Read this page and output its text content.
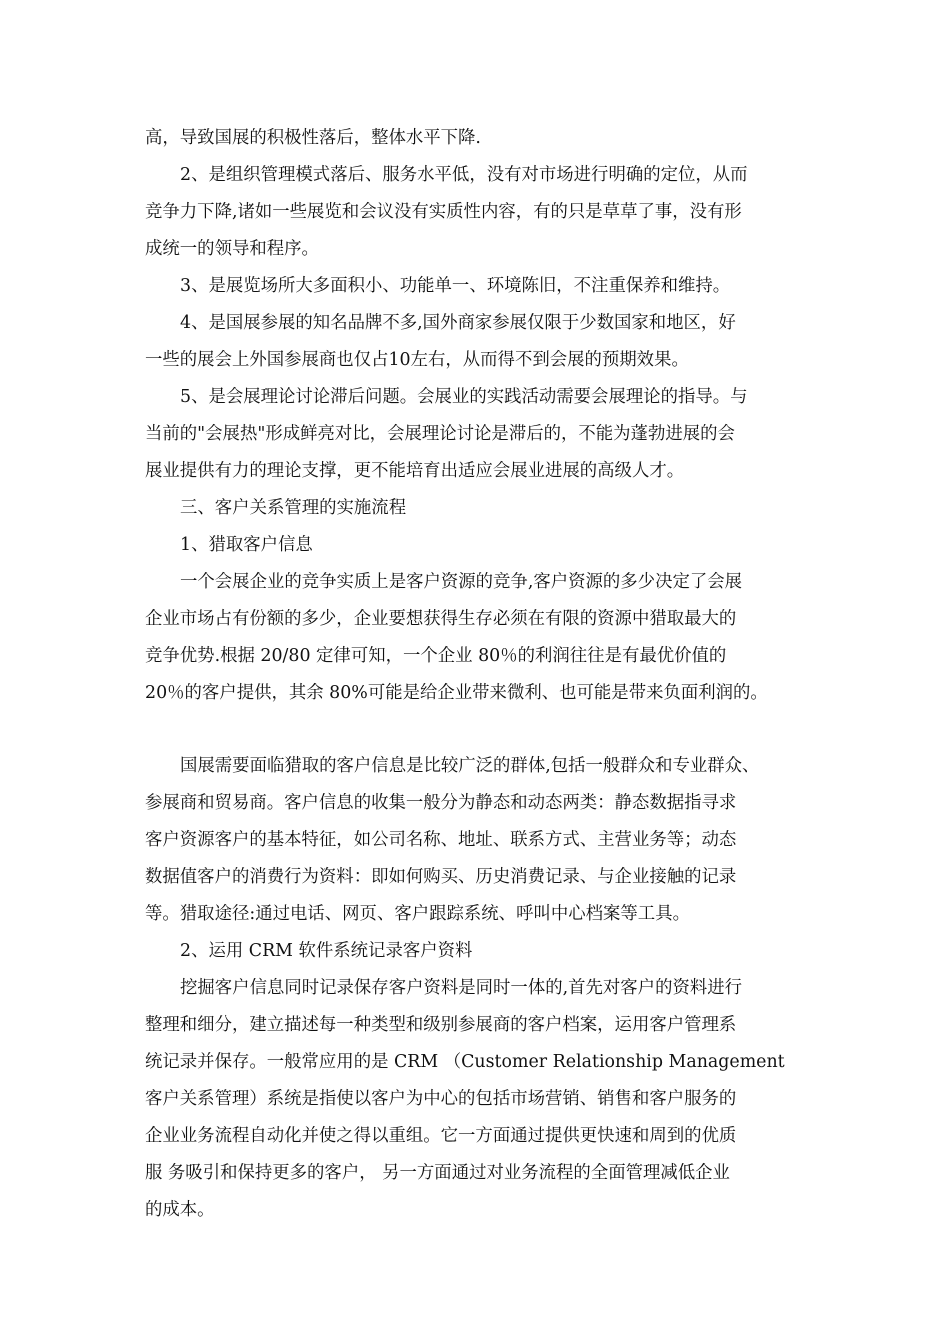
高，导致国展的积极性落后，整体水平下降.
2、是组织管理模式落后、服务水平低，没有对市场进行明确的定位，从而
竞争力下降,诸如一些展览和会议没有实质性内容，有的只是草草了事，没有形
成统一的领导和程序。
3、是展览场所大多面积小、功能单一、环境陈旧，不注重保养和维持。
4、是国展参展的知名品牌不多,国外商家参展仅限于少数国家和地区，好
一些的展会上外国参展商也仅占10左右，从而得不到会展的预期效果。
5、是会展理论讨论滞后问题。会展业的实践活动需要会展理论的指导。与
当前的"会展热"形成鲜亮对比，会展理论讨论是滞后的，不能为蓬勃进展的会
展业提供有力的理论支撑，更不能培育出适应会展业进展的高级人才。
三、客户关系管理的实施流程
1、猎取客户信息
一个会展企业的竞争实质上是客户资源的竞争,客户资源的多少决定了会展
企业市场占有份额的多少，企业要想获得生存必须在有限的资源中猎取最大的
竞争优势.根据 20/80 定律可知，一个企业 80％的利润往往是有最优价值的
20％的客户提供，其余 80%可能是给企业带来微利、也可能是带来负面利润的。
国展需要面临猎取的客户信息是比较广泛的群体,包括一般群众和专业群众、
参展商和贸易商。客户信息的收集一般分为静态和动态两类：静态数据指寻求
客户资源客户的基本特征，如公司名称、地址、联系方式、主营业务等；动态
数据值客户的消费行为资料：即如何购买、历史消费记录、与企业接触的记录
等。猎取途径:通过电话、网页、客户跟踪系统、呼叫中心档案等工具。
2、运用 CRM 软件系统记录客户资料
挖掘客户信息同时记录保存客户资料是同时一体的,首先对客户的资料进行
整理和细分，建立描述每一种类型和级别参展商的客户档案，运用客户管理系
统记录并保存。一般常应用的是 CRM （Customer Relationship Management
客户关系管理）系统是指使以客户为中心的包括市场营销、销售和客户服务的
企业业务流程自动化并使之得以重组。它一方面通过提供更快速和周到的优质
服 务吸引和保持更多的客户， 另一方面通过对业务流程的全面管理减低企业
的成本。
